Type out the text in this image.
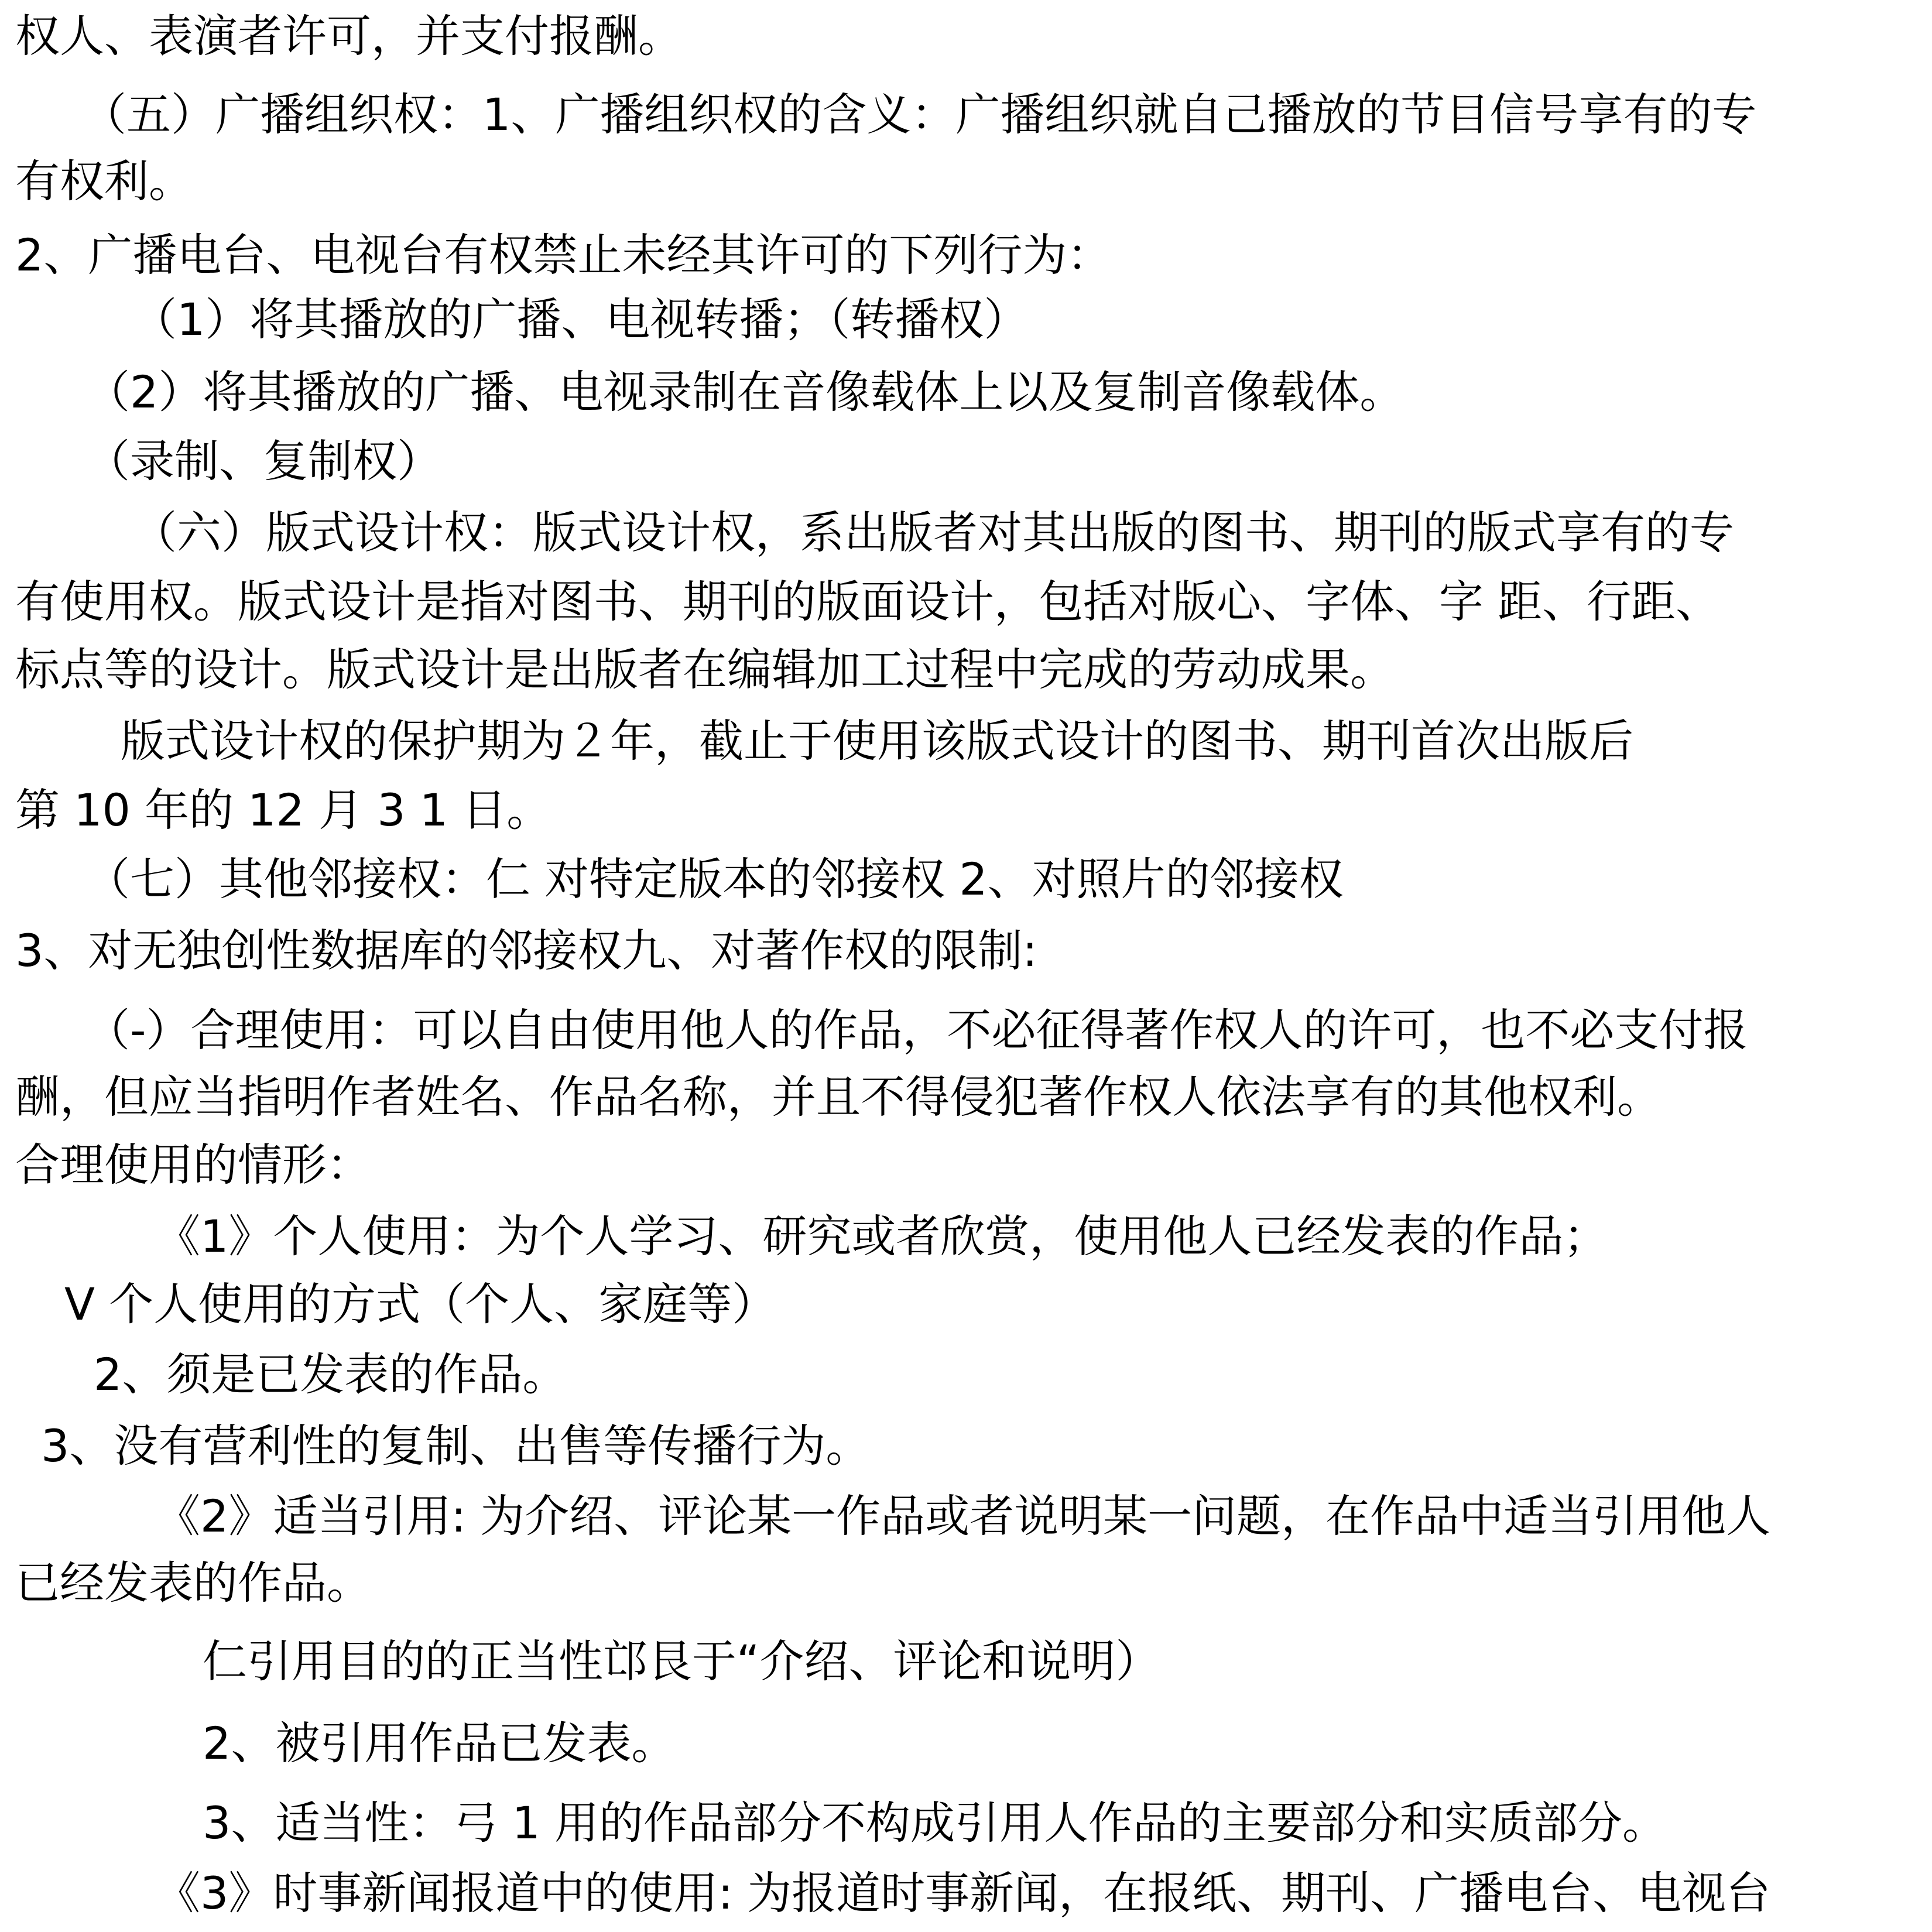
权人、表演者许可，并支付报酬。
（五）广播组织权：1、广播组织权的含义：广播组织就自己播放的节目信号享有的专
有权利。
2、广播电台、电视台有权禁止未经其许可的下列行为：
（1）将其播放的广播、电视转播；（转播权）
（2）将其播放的广播、电视录制在音像载体上以及复制音像载体。
（录制、复制权）
（六）版式设计权：版式设计权，系出版者对其出版的图书、期刊的版式享有的专
有使用权。版式设计是指对图书、期刊的版面设计，包括对版心、字体、字 距、行距、
标点等的设计。版式设计是出版者在编辑加工过程中完成的劳动成果。
版式设计权的保护期为２年，截止于使用该版式设计的图书、期刊首次出版后
第 10 年的 12 月 3 1 日。
（七）其他邻接权：仁 对特定版本的邻接权 2、对照片的邻接权
3、对无独创性数据库的邻接权九、对著作权的限制:
（-）合理使用：可以自由使用他人的作品，不必征得著作权人的许可，也不必支付报
酬，但应当指明作者姓名、作品名称，并且不得侵犯著作权人依法享有的其他权利。
合理使用的情形：
《1》个人使用：为个人学习、研究或者欣赏，使用他人已经发表的作品；
V 个人使用的方式（个人、家庭等）
2、须是已发表的作品。
3、没有营利性的复制、出售等传播行为。
《2》适当引用: 为介绍、评论某一作品或者说明某一问题，在作品中适当引用他人
已经发表的作品。
仁引用目的的正当性邙艮于“介绍、评论和说明）
2、被引用作品已发表。
3、适当性：弓 1 用的作品部分不构成引用人作品的主要部分和实质部分。
《3》时事新闻报道中的使用: 为报道时事新闻，在报纸、期刊、广播电台、电视台
